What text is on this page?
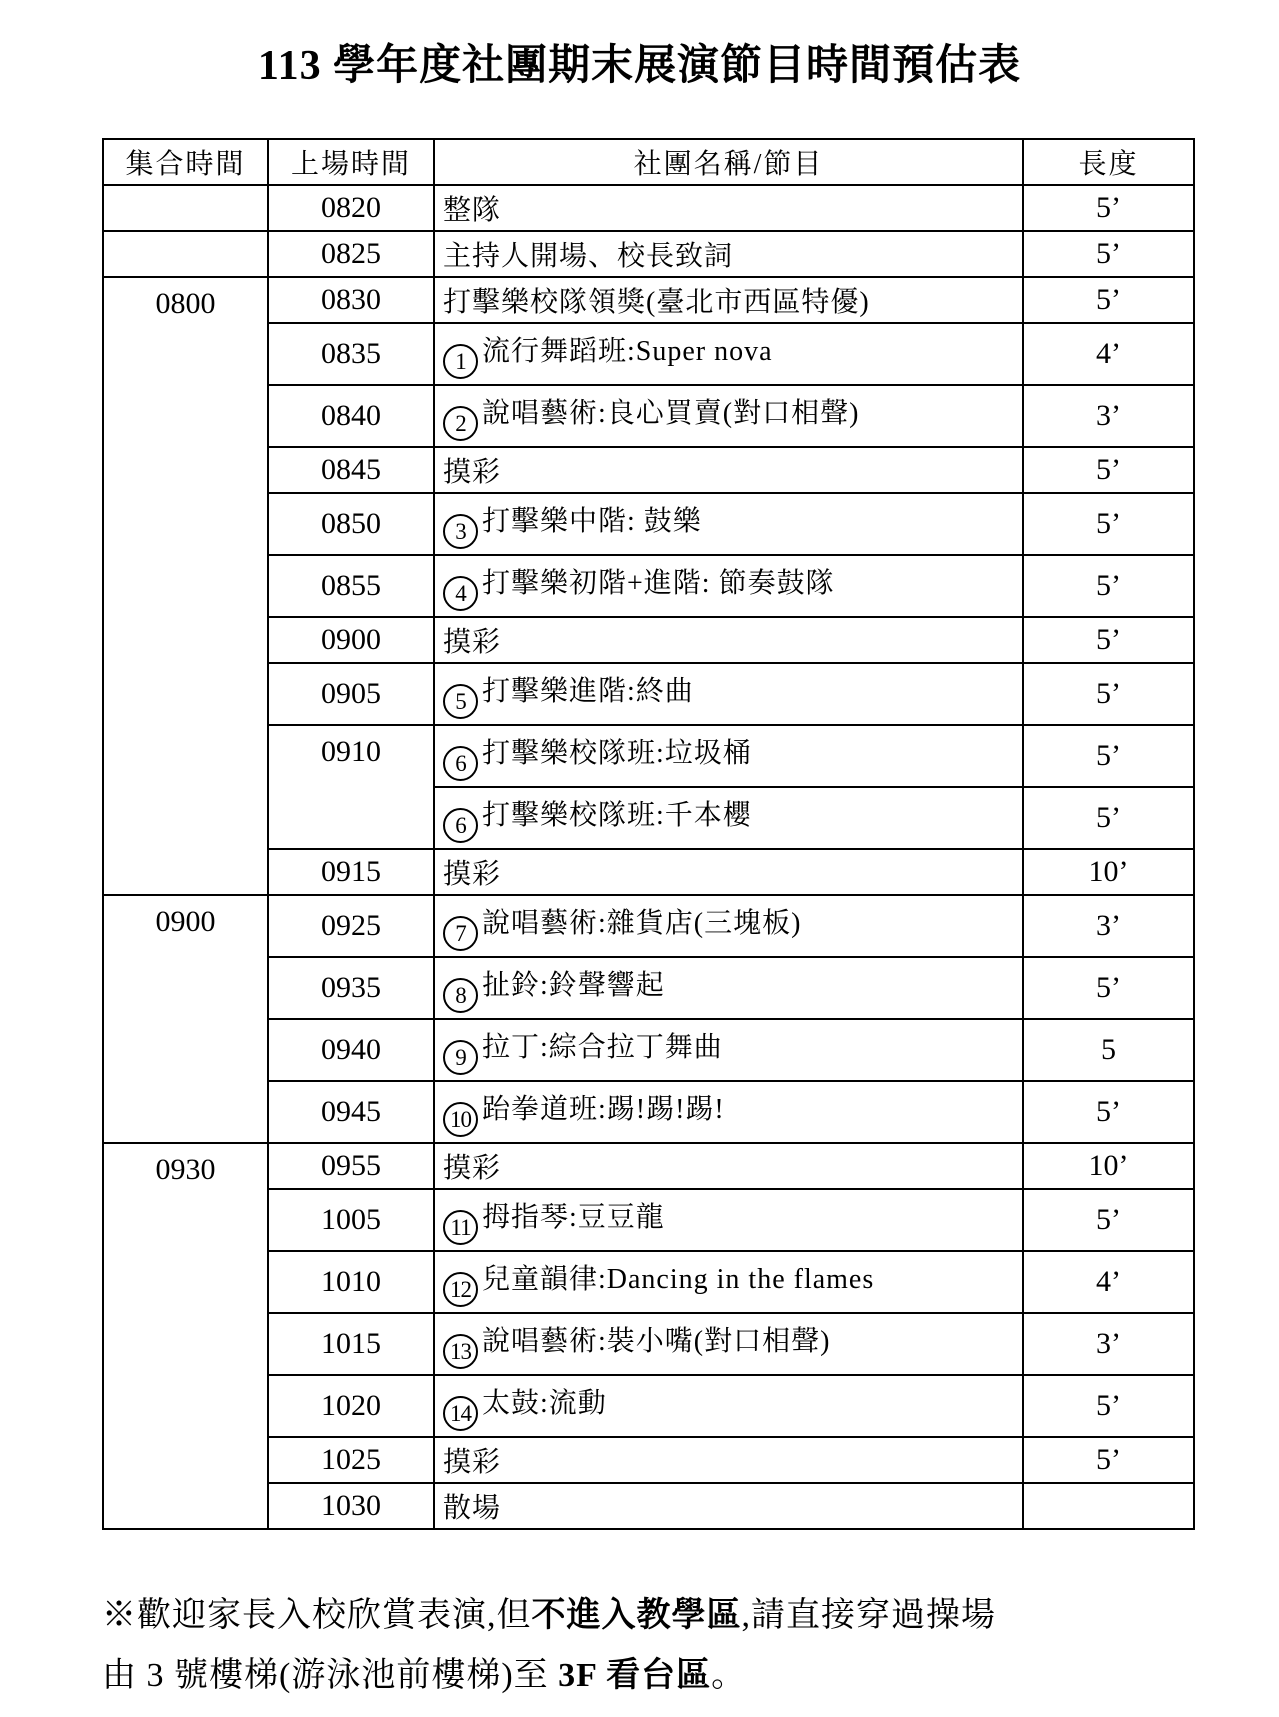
113 學年度社團期末展演節目時間預估表
集合時間	上場時間	社團名稱/節目	長度
	0820	整隊	5’
	0825	主持人開場、校長致詞	5’
0800	0830	打擊樂校隊領獎(臺北市西區特優)	5’
	0835	1 流行舞蹈班:Super nova	4’
	0840	2 說唱藝術:良心買賣(對口相聲)	3’
	0845	摸彩	5’
	0850	3 打擊樂中階: 鼓樂	5’
	0855	4 打擊樂初階+進階: 節奏鼓隊	5’
	0900	摸彩	5’
	0905	5 打擊樂進階:終曲	5’
	0910	6 打擊樂校隊班:垃圾桶	5’
		6 打擊樂校隊班:千本櫻	5’
	0915	摸彩	10’
0900	0925	7 說唱藝術:雜貨店(三塊板)	3’
	0935	8 扯鈴:鈴聲響起	5’
	0940	9 拉丁:綜合拉丁舞曲	5
	0945	10 跆拳道班:踢!踢!踢!	5’
0930	0955	摸彩	10’
	1005	11 拇指琴:豆豆龍	5’
	1010	12 兒童韻律:Dancing in the flames	4’
	1015	13 說唱藝術:裝小嘴(對口相聲)	3’
	1020	14 太鼓:流動	5’
	1025	摸彩	5’
	1030	散場	
※歡迎家長入校欣賞表演,但不進入教學區,請直接穿過操場
由 3 號樓梯(游泳池前樓梯)至 3F 看台區。
